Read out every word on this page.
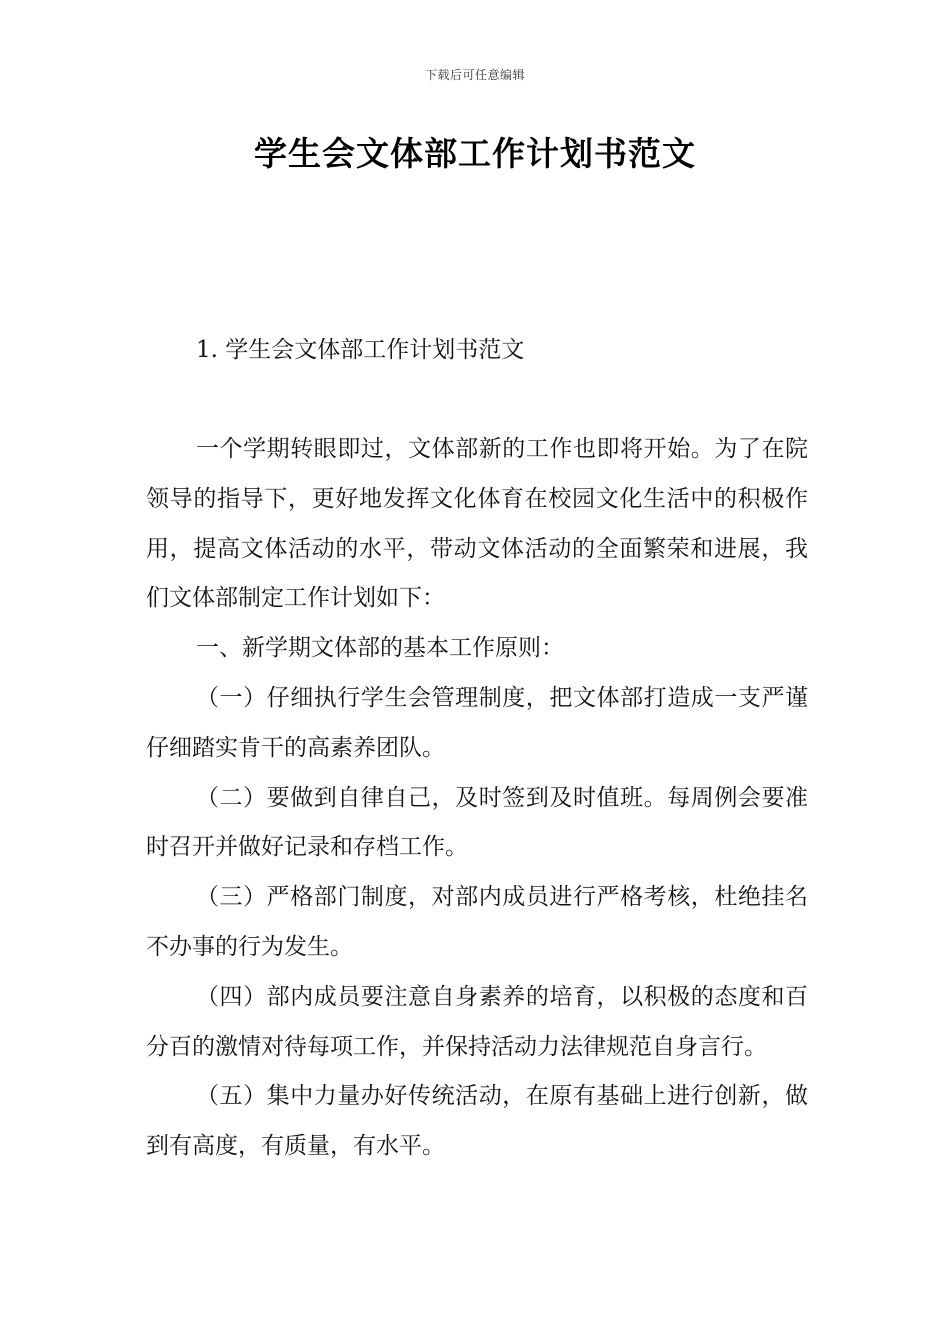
下载后可任意编辑
学生会文体部工作计划书范文
1. 学生会文体部工作计划书范文

一个学期转眼即过，文体部新的工作也即将开始。为了在院领导的指导下，更好地发挥文化体育在校园文化生活中的积极作用，提高文体活动的水平，带动文体活动的全面繁荣和进展，我们文体部制定工作计划如下：

一、新学期文体部的基本工作原则：

（一）仔细执行学生会管理制度，把文体部打造成一支严谨仔细踏实肯干的高素养团队。

（二）要做到自律自己，及时签到及时值班。每周例会要准时召开并做好记录和存档工作。

（三）严格部门制度，对部内成员进行严格考核，杜绝挂名不办事的行为发生。

（四）部内成员要注意自身素养的培育，以积极的态度和百分百的激情对待每项工作，并保持活动力法律规范自身言行。

（五）集中力量办好传统活动，在原有基础上进行创新，做到有高度，有质量，有水平。
